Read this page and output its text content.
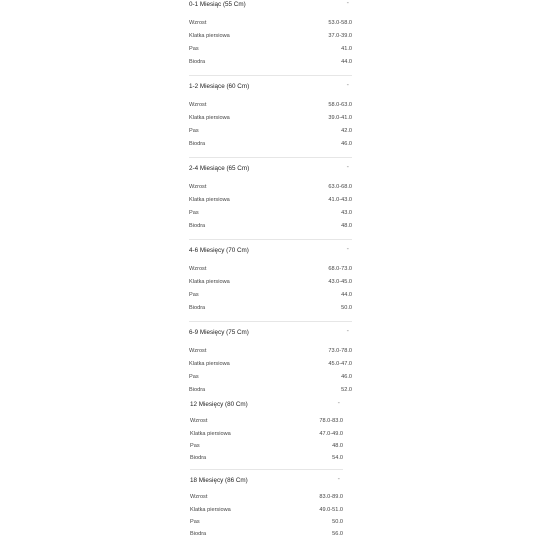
0-1 Miesiąc (55 Cm)	-
Wzrost	53.0-58.0
Klatka piersiowa	37.0-39.0
Pas	41.0
Biodra	44.0
1-2 Miesiące (60 Cm)	-
Wzrost	58.0-63.0
Klatka piersiowa	39.0-41.0
Pas	42.0
Biodra	46.0
2-4 Miesiące (65 Cm)	-
Wzrost	63.0-68.0
Klatka piersiowa	41.0-43.0
Pas	43.0
Biodra	48.0
4-6 Miesięcy (70 Cm)	-
Wzrost	68.0-73.0
Klatka piersiowa	43.0-45.0
Pas	44.0
Biodra	50.0
6-9 Miesięcy (75 Cm)	-
Wzrost	73.0-78.0
Klatka piersiowa	45.0-47.0
Pas	46.0
Biodra	52.0
12 Miesięcy (80 Cm)	-
Wzrost	78.0-83.0
Klatka piersiowa	47.0-49.0
Pas	48.0
Biodra	54.0
18 Miesięcy (86 Cm)	-
Wzrost	83.0-89.0
Klatka piersiowa	49.0-51.0
Pas	50.0
Biodra	56.0
